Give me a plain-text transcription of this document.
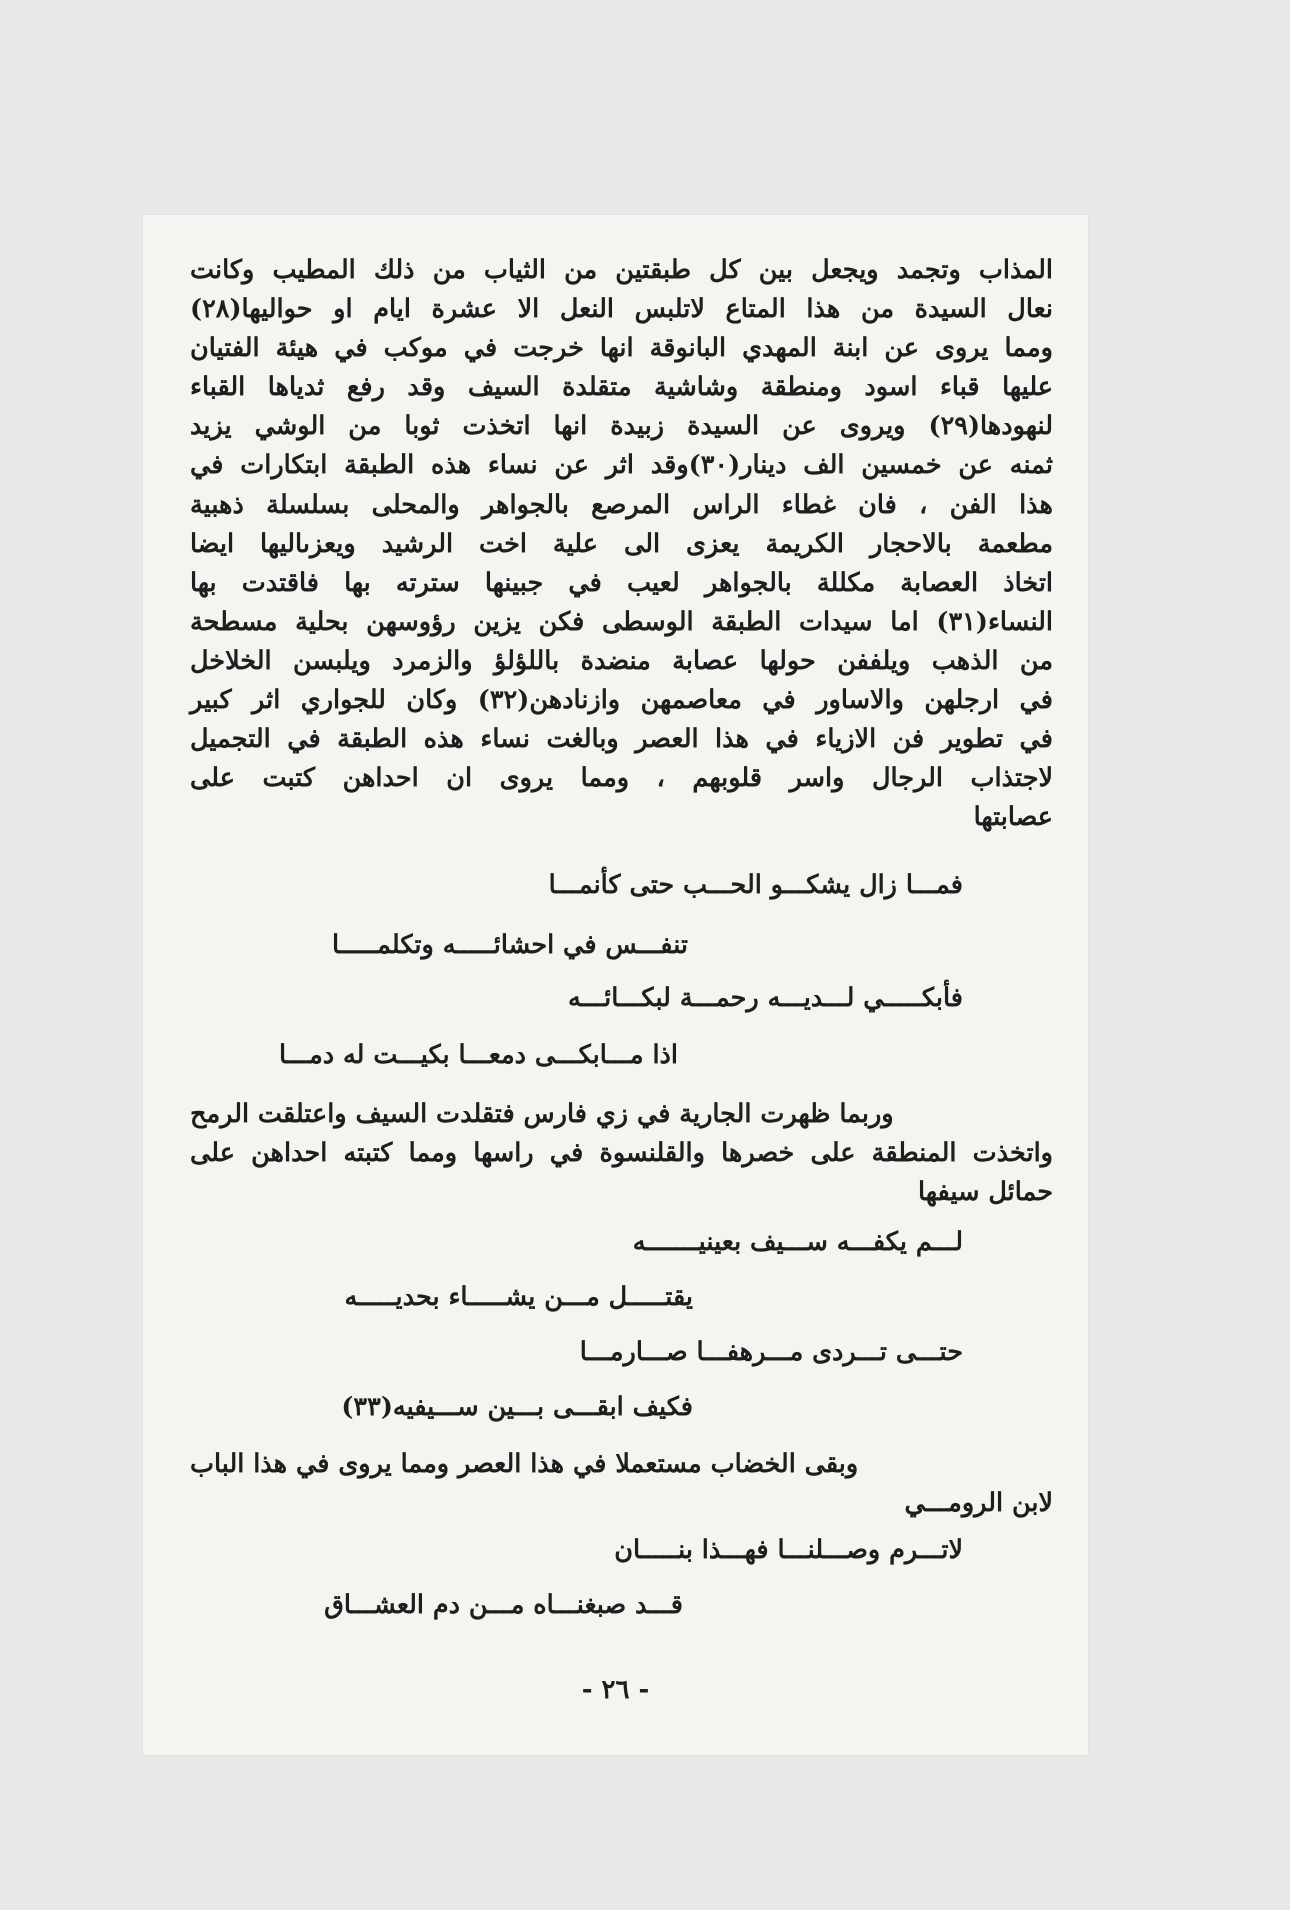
المذاب وتجمد ويجعل بين كل طبقتين من الثياب من ذلك المطيب وكانت
نعال السيدة من هذا المتاع لاتلبس النعل الا عشرة ايام او حواليها(٢٨)
ومما يروى عن ابنة المهدي البانوقة انها خرجت في موكب في هيئة الفتيان
عليها قباء اسود ومنطقة وشاشية متقلدة السيف وقد رفع ثدياها القباء
لنهودها(٢٩) ويروى عن السيدة زبيدة انها اتخذت ثوبا من الوشي يزيد
ثمنه عن خمسين الف دينار(٣٠)وقد اثر عن نساء هذه الطبقة ابتكارات في
هذا الفن ، فان غطاء الراس المرصع بالجواهر والمحلى بسلسلة ذهبية
مطعمة بالاحجار الكريمة يعزى الى علية اخت الرشيد ويعزىاليها ايضا
اتخاذ العصابة مكللة بالجواهر لعيب في جبينها سترته بها فاقتدت بها
النساء(٣١) اما سيدات الطبقة الوسطى فكن يزين رؤوسهن بحلية مسطحة
من الذهب ويلففن حولها عصابة منضدة باللؤلؤ والزمرد ويلبسن الخلاخل
في ارجلهن والاساور في معاصمهن وازنادهن(٣٢) وكان للجواري اثر كبير
في تطوير فن الازياء في هذا العصر وبالغت نساء هذه الطبقة في التجميل
لاجتذاب الرجال واسر قلوبهم ، ومما يروى ان احداهن كتبت على
عصابتها
فمـــا زال يشكـــو الحـــب حتى كأنمـــا
تنفـــس في احشائـــــه وتكلمـــــا
فأبكـــــي لـــديـــه رحمـــة لبكـــائـــه
اذا مـــابكـــى دمعـــا بكيـــت له دمـــا
وربما ظهرت الجارية في زي فارس فتقلدت السيف واعتلقت الرمح
واتخذت المنطقة على خصرها والقلنسوة في راسها ومما كتبته احداهن على
حمائل سيفها
لـــم يكفـــه ســـيف بعينيـــــــه
يقتـــــل مـــن يشـــــاء بحديـــــه
حتـــى تـــردى مـــرهفـــا صـــارمـــا
فكيف ابقـــى بـــين ســـيفيه(٣٣)
وبقى الخضاب مستعملا في هذا العصر ومما يروى في هذا الباب
لابن الرومـــي
لاتـــرم وصـــلنـــا فهـــذا بنـــــان
قـــد صبغنـــاه مـــن دم العشـــاق
- ٢٦ -
